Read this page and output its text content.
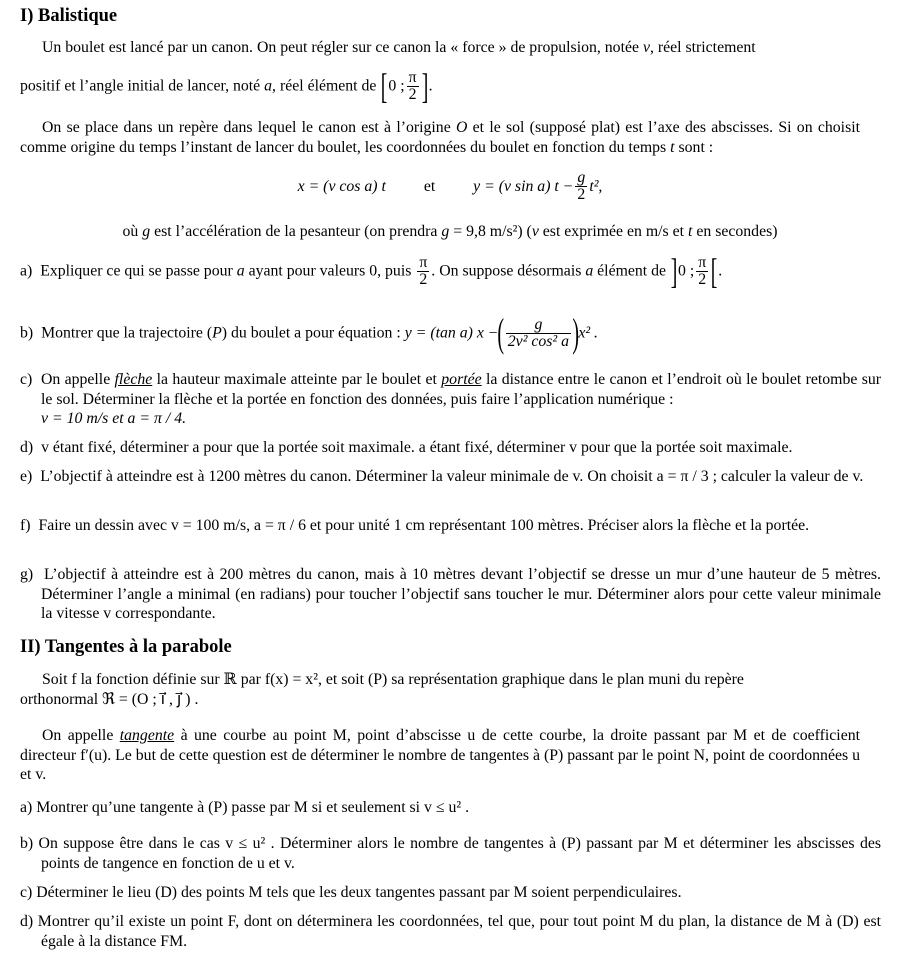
I) Balistique
Un boulet est lancé par un canon. On peut régler sur ce canon la « force » de propulsion, notée v, réel strictement
positif et l’angle initial de lancer, noté a, réel élément de [0 ; $\frac{\pi}{2}$ ].
On se place dans un repère dans lequel le canon est à l’origine O et le sol (supposé plat) est l’axe des abscisses. Si on choisit comme origine du temps l’instant de lancer du boulet, les coordonnées du boulet en fonction du temps t sont :
x = (v cos a) t et y = (v sin a) $t - \frac{g}{2} t^2$,
où g est l’accélération de la pesanteur (on prendra g = 9,8 m/s²) (v est exprimée en m/s et t en secondes)
a) Expliquer ce qui se passe pour a ayant pour valeurs 0, puis $\frac{\pi}{2}$ . On suppose désormais a élément de ]0 ; $\frac{\pi}{2}$ [.
b) Montrer que la trajectoire (P) du boulet a pour équation : y = (tan a) x −( $\frac{g}{\text{2v² cos² a}} )x^2$ .
c) On appelle flèche la hauteur maximale atteinte par le boulet et portée la distance entre le canon et l’endroit où le boulet retombe sur le sol. Déterminer la flèche et la portée en fonction des données, puis faire l’application numérique :
v = 10 m/s et a = π / 4.
d) v étant fixé, déterminer a pour que la portée soit maximale. a étant fixé, déterminer v pour que la portée soit maximale.
e) L’objectif à atteindre est à 1200 mètres du canon. Déterminer la valeur minimale de v. On choisit a = π / 3 ; calculer la valeur de v.
f) Faire un dessin avec v = 100 m/s, a = π / 6 et pour unité 1 cm représentant 100 mètres. Préciser alors la flèche et la portée.
g) L’objectif à atteindre est à 200 mètres du canon, mais à 10 mètres devant l’objectif se dresse un mur d’une hauteur de 5 mètres. Déterminer l’angle a minimal (en radians) pour toucher l’objectif sans toucher le mur. Déterminer alors pour cette valeur minimale la vitesse v correspondante.
II) Tangentes à la parabole
Soit f la fonction définie sur ℝ par f(x) = x², et soit (P) sa représentation graphique dans le plan muni du repère
orthonormal ℜ = (O ; i⃗ , j⃗ ) .
On appelle tangente à une courbe au point M, point d’abscisse u de cette courbe, la droite passant par M et de coefficient directeur f′(u). Le but de cette question est de déterminer le nombre de tangentes à (P) passant par le point N, point de coordonnées u et v.
a) Montrer qu’une tangente à (P) passe par M si et seulement si v ≤ u² .
b) On suppose être dans le cas v ≤ u² . Déterminer alors le nombre de tangentes à (P) passant par M et déterminer les abscisses des points de tangence en fonction de u et v.
c) Déterminer le lieu (D) des points M tels que les deux tangentes passant par M soient perpendiculaires.
d) Montrer qu’il existe un point F, dont on déterminera les coordonnées, tel que, pour tout point M du plan, la distance de M à (D) est égale à la distance FM.
